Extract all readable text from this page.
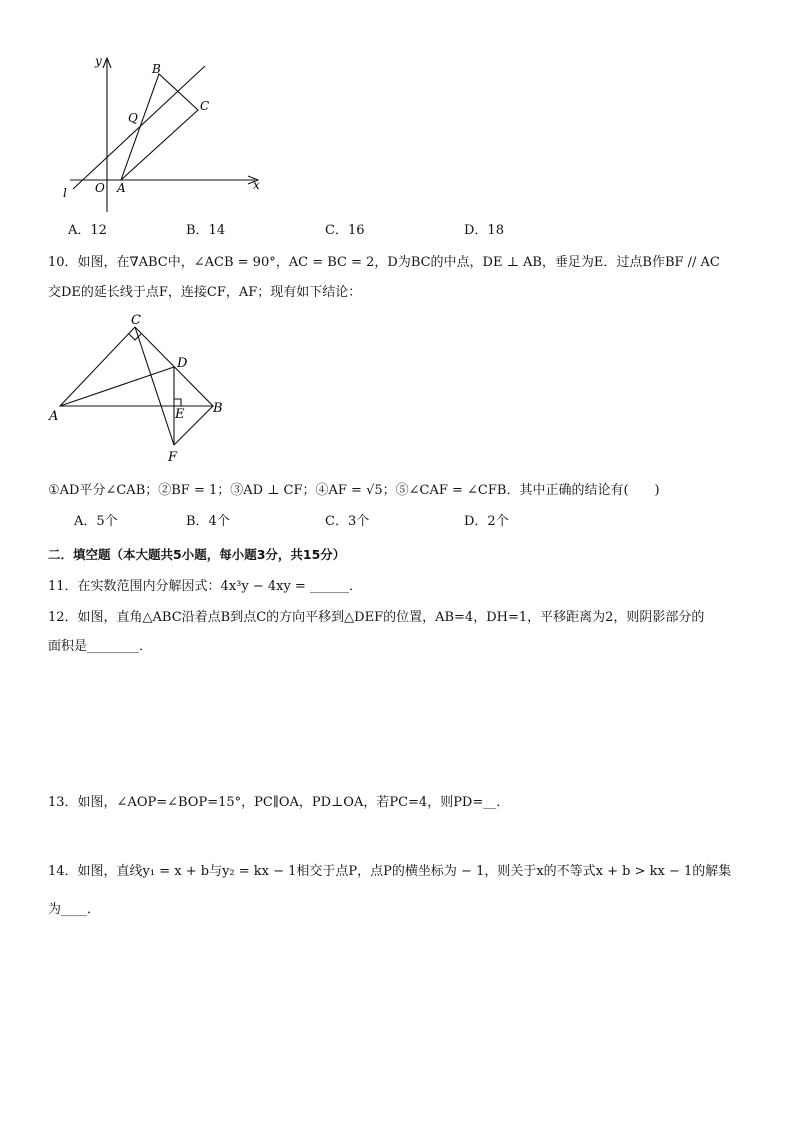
y
x
B
C
Q
O A
l
A．12	B．14	C．16	D．18
10．如图，在∇ABC中，∠ACB = 90°，AC = BC = 2，D为BC的中点，DE ⊥ AB，垂足为E．过点B作BF // AC
交DE的延长线于点F，连接CF，AF；现有如下结论：
C
D
A	E B
F
①AD平分∠CAB；②BF = 1；③AD ⊥ CF；④AF = √5；⑤∠CAF = ∠CFB．其中正确的结论有(　　)
A．5个	B．4个	C．3个	D．2个
二．填空题（本大题共5小题，每小题3分，共15分）
11．在实数范围内分解因式：4x³y − 4xy = ______．
12．如图，直角△ABC沿着点B到点C的方向平移到△DEF的位置，AB=4，DH=1，平移距离为2，则阴影部分的
面积是________．
13．如图，∠AOP=∠BOP=15°，PC∥OA，PD⊥OA，若PC=4，则PD=__．
14．如图，直线y₁ = x + b与y₂ = kx − 1相交于点P，点P的横坐标为 − 1，则关于x的不等式x + b > kx − 1的解集
为____．
